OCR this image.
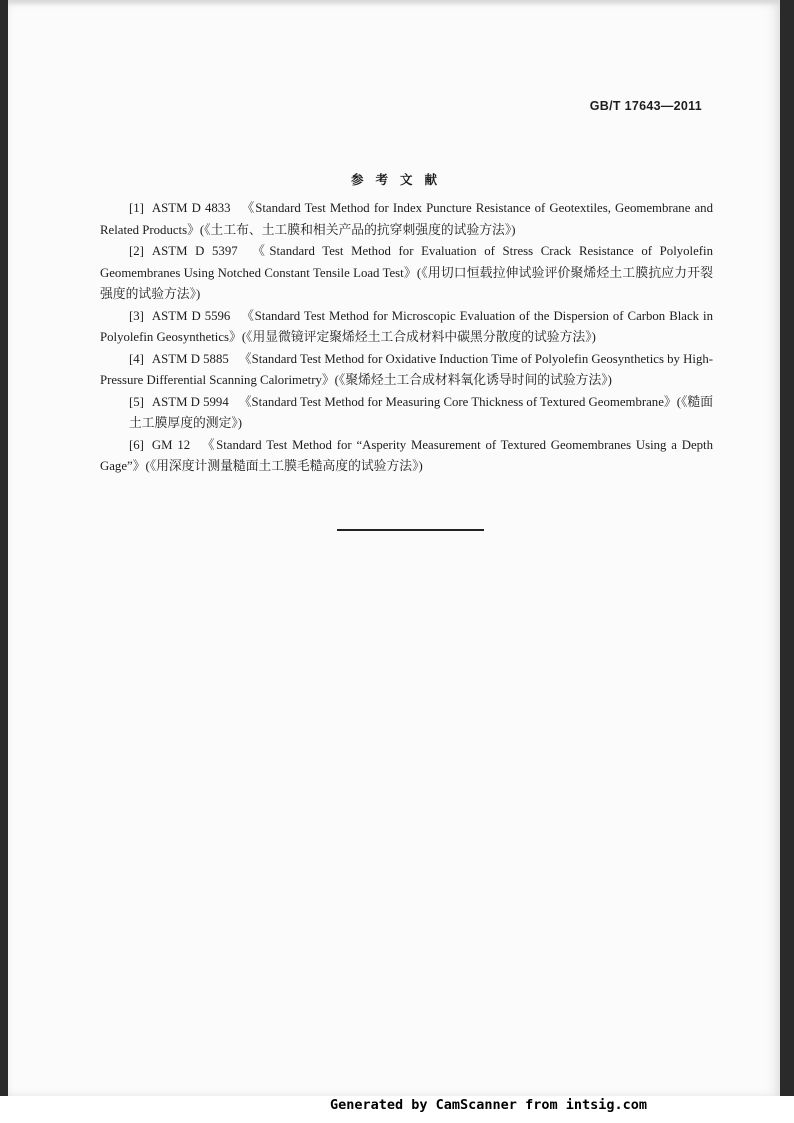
GB/T 17643—2011
参考文献

[1] ASTM D 4833 《Standard Test Method for Index Puncture Resistance of Geotextiles, Geomembrane and Related Products》(《土工布、土工膜和相关产品的抗穿刺强度的试验方法》)

[2] ASTM D 5397 《Standard Test Method for Evaluation of Stress Crack Resistance of Polyolefin Geomembranes Using Notched Constant Tensile Load Test》(《用切口恒载拉伸试验评价聚烯烃土工膜抗应力开裂强度的试验方法》)

[3] ASTM D 5596 《Standard Test Method for Microscopic Evaluation of the Dispersion of Carbon Black in Polyolefin Geosynthetics》(《用显微镜评定聚烯烃土工合成材料中碳黑分散度的试验方法》)

[4] ASTM D 5885 《Standard Test Method for Oxidative Induction Time of Polyolefin Geosynthetics by High-Pressure Differential Scanning Calorimetry》(《聚烯烃土工合成材料氧化诱导时间的试验方法》)

[5] ASTM D 5994 《Standard Test Method for Measuring Core Thickness of Textured Geomembrane》(《糙面土工膜厚度的测定》)

[6] GM 12 《Standard Test Method for “Asperity Measurement of Textured Geomembranes Using a Depth Gage”》(《用深度计测量糙面土工膜毛糙高度的试验方法》)

Generated by CamScanner from intsig.com
